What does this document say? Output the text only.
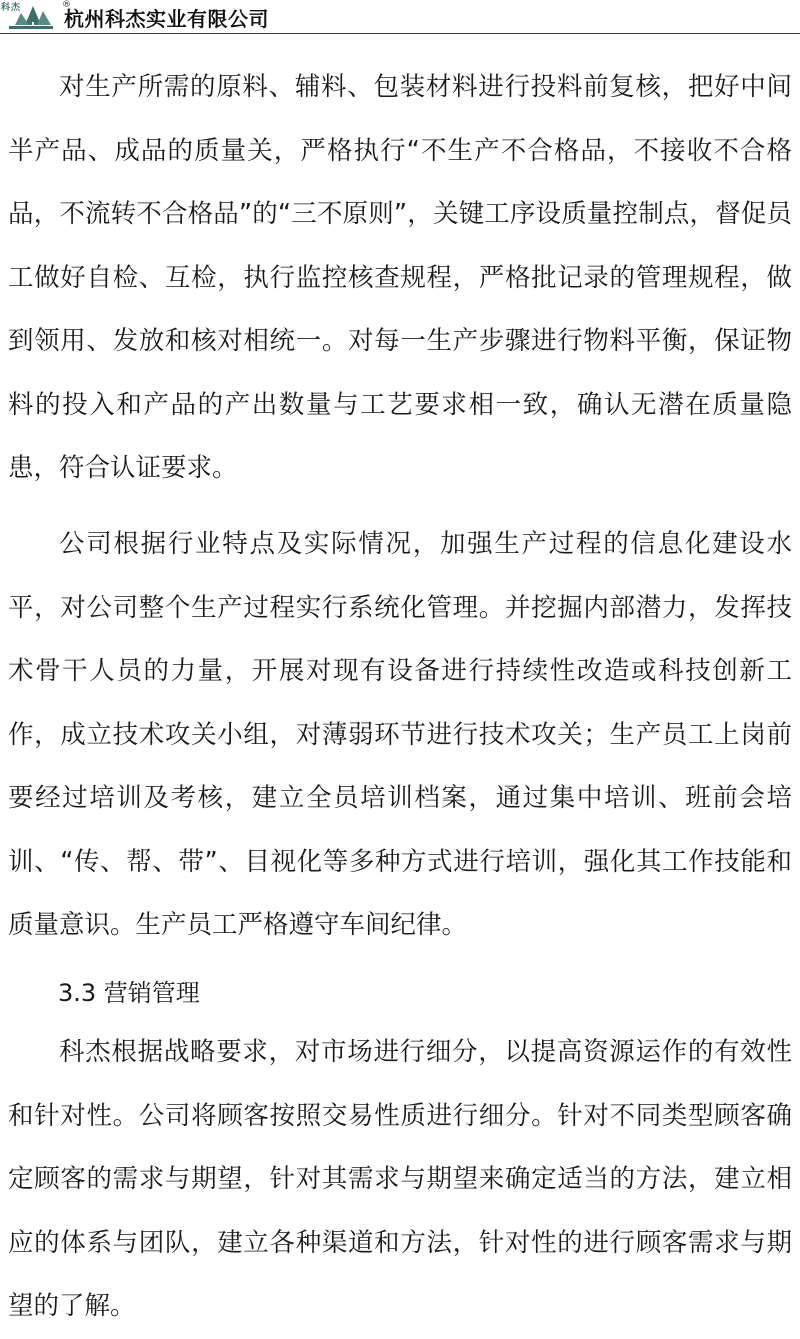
科杰	®
杭州科杰实业有限公司

对生产所需的原料、辅料、包装材料进行投料前复核，把好中间半产品、成品的质量关，严格执行“不生产不合格品，不接收不合格品，不流转不合格品”的“三不原则”，关键工序设质量控制点，督促员工做好自检、互检，执行监控核查规程，严格批记录的管理规程，做到领用、发放和核对相统一。对每一生产步骤进行物料平衡，保证物料的投入和产品的产出数量与工艺要求相一致，确认无潜在质量隐患，符合认证要求。

公司根据行业特点及实际情况，加强生产过程的信息化建设水平，对公司整个生产过程实行系统化管理。并挖掘内部潜力，发挥技术骨干人员的力量，开展对现有设备进行持续性改造或科技创新工作，成立技术攻关小组，对薄弱环节进行技术攻关；生产员工上岗前要经过培训及考核，建立全员培训档案，通过集中培训、班前会培训、“传、帮、带”、目视化等多种方式进行培训，强化其工作技能和质量意识。生产员工严格遵守车间纪律。

3.3 营销管理

科杰根据战略要求，对市场进行细分，以提高资源运作的有效性和针对性。公司将顾客按照交易性质进行细分。针对不同类型顾客确定顾客的需求与期望，针对其需求与期望来确定适当的方法，建立相应的体系与团队，建立各种渠道和方法，针对性的进行顾客需求与期望的了解。
